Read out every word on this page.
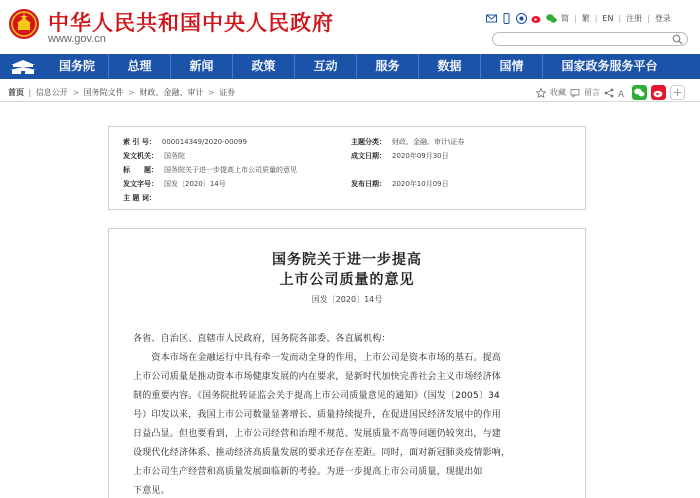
中华人民共和国中央人民政府
www.gov.cn
简 | 繁 | EN | 注册 | 登录
国务院	总理	新闻	政策	互动	服务	数据	国情	国家政务服务平台
首页 | 信息公开 > 国务院文件 > 财政、金融、审计 > 证券	收藏 留言 A
索 引 号： 000014349/2020-00099	主题分类： 财政、金融、审计\证券
发文机关： 国务院	成文日期： 2020年09月30日
标　　题： 国务院关于进一步提高上市公司质量的意见
发文字号： 国发〔2020〕14号	发布日期： 2020年10月09日
主 题 词：
国务院关于进一步提高
上市公司质量的意见
国发〔2020〕14号
各省、自治区、直辖市人民政府，国务院各部委、各直属机构：
　　资本市场在金融运行中具有牵一发而动全身的作用，上市公司是资本市场的基石。提高
上市公司质量是推动资本市场健康发展的内在要求，是新时代加快完善社会主义市场经济体
制的重要内容。《国务院批转证监会关于提高上市公司质量意见的通知》（国发〔2005〕34
号）印发以来，我国上市公司数量显著增长、质量持续提升，在促进国民经济发展中的作用
日益凸显。但也要看到，上市公司经营和治理不规范、发展质量不高等问题仍较突出，与建
设现代化经济体系、推动经济高质量发展的要求还存在差距。同时，面对新冠肺炎疫情影响，
上市公司生产经营和高质量发展面临新的考验。为进一步提高上市公司质量，现提出如
下意见。
